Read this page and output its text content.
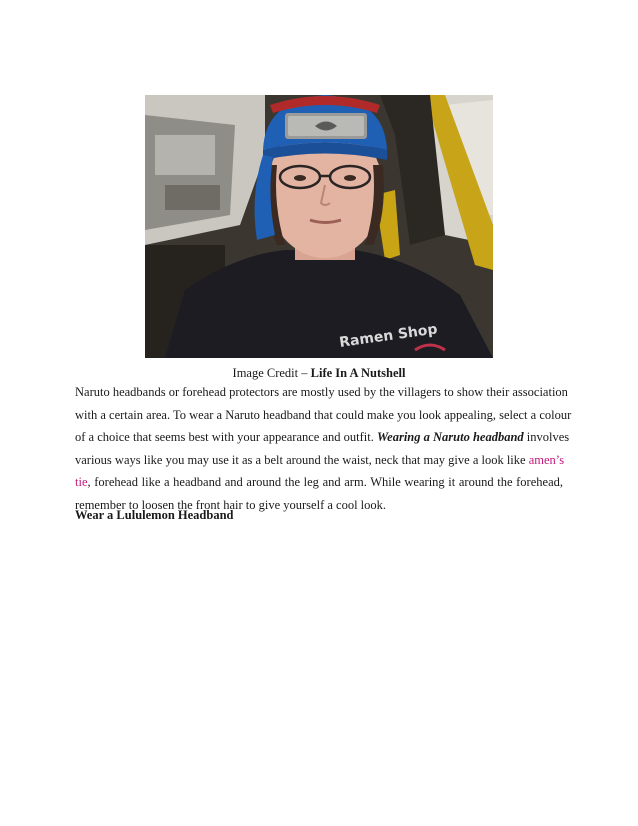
Ramen Shop
Image Credit – Life In A Nutshell
Naruto headbands or forehead protectors are mostly used by the villagers to show their association
with a certain area. To wear a Naruto headband that could make you look appealing, select a colour
of a choice that seems best with your appearance and outfit. Wearing a Naruto headband involves
various ways like you may use it as a belt around the waist, neck that may give a look like amen’s
tie, forehead like a headband and around the leg and arm. While wearing it around the forehead,
remember to loosen the front hair to give yourself a cool look.
Wear a Lululemon Headband
